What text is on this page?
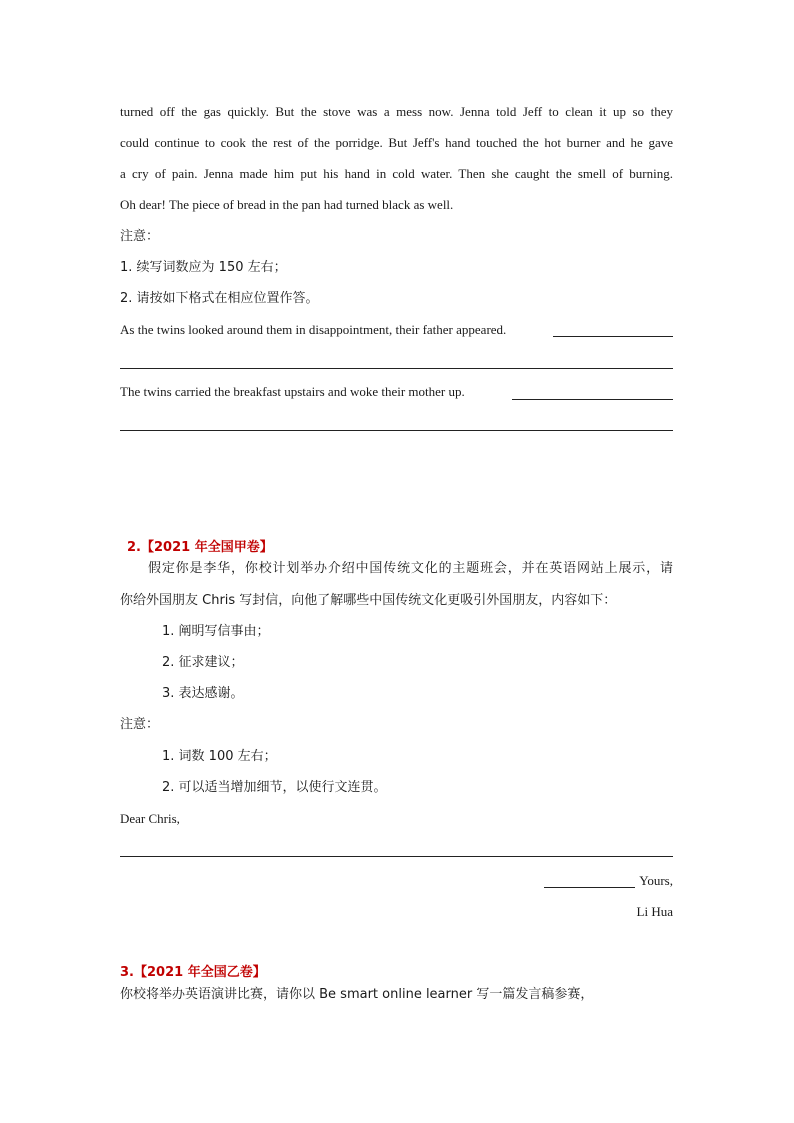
turned off the gas quickly. But the stove was a mess now. Jenna told Jeff to clean it up so they
could continue to cook the rest of the porridge. But Jeff's hand touched the hot burner and he gave
a cry of pain. Jenna made him put his hand in cold water. Then she caught the smell of burning.
Oh dear! The piece of bread in the pan had turned black as well.
注意：
1. 续写词数应为 150 左右；
2. 请按如下格式在相应位置作答。
As the twins looked around them in disappointment, their father appeared.
The twins carried the breakfast upstairs and woke their mother up.
2.【2021 年全国甲卷】
假定你是李华，你校计划举办介绍中国传统文化的主题班会，并在英语网站上展示，请
你给外国朋友 Chris 写封信，向他了解哪些中国传统文化更吸引外国朋友，内容如下：
1. 阐明写信事由；
2. 征求建议；
3. 表达感谢。
注意：
1. 词数 100 左右；
2. 可以适当增加细节，以使行文连贯。
Dear Chris,
Yours,
Li Hua
3.【2021 年全国乙卷】
你校将举办英语演讲比赛，请你以 Be smart online learner 写一篇发言稿参赛，
